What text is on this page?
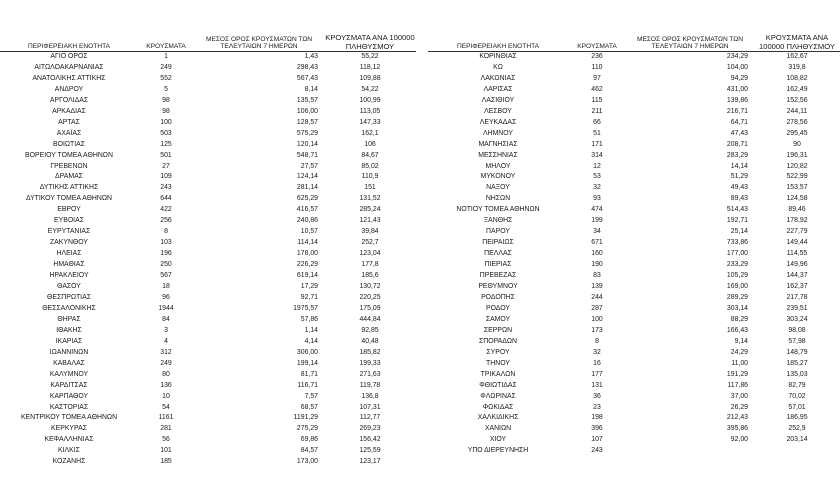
ΠΕΡΙΦΕΡΕΙΑΚΗ ΕΝΟΤΗΤΑ	ΚΡΟΥΣΜΑΤΑ	ΜΕΣΟΣ ΟΡΟΣ ΚΡΟΥΣΜΑΤΩΝ ΤΩΝ ΤΕΛΕΥΤΑΙΩΝ 7 ΗΜΕΡΩΝ	ΚΡΟΥΣΜΑΤΑ ΑΝΑ 100000 ΠΛΗΘΥΣΜΟΥ
ΑΓΙΟ ΟΡΟΣ	1	1,43	55,22
ΑΙΤΩΛΟΑΚΑΡΝΑΝΙΑΣ	249	298,43	118,12
ΑΝΑΤΟΛΙΚΗΣ ΑΤΤΙΚΗΣ	552	567,43	109,88
ΑΝΔΡΟΥ	5	8,14	54,22
ΑΡΓΟΛΙΔΑΣ	98	135,57	100,99
ΑΡΚΑΔΙΑΣ	98	106,00	113,05
ΑΡΤΑΣ	100	128,57	147,33
ΑΧΑΪΑΣ	503	575,29	162,1
ΒΟΙΩΤΙΑΣ	125	120,14	106
ΒΟΡΕΙΟΥ ΤΟΜΕΑ ΑΘΗΝΩΝ	501	548,71	84,67
ΓΡΕΒΕΝΩΝ	27	27,57	85,02
ΔΡΑΜΑΣ	109	124,14	110,9
ΔΥΤΙΚΗΣ ΑΤΤΙΚΗΣ	243	281,14	151
ΔΥΤΙΚΟΥ ΤΟΜΕΑ ΑΘΗΝΩΝ	644	625,29	131,52
ΕΒΡΟΥ	422	416,57	285,24
ΕΥΒΟΙΑΣ	256	240,86	121,43
ΕΥΡΥΤΑΝΙΑΣ	8	10,57	39,84
ΖΑΚΥΝΘΟΥ	103	114,14	252,7
ΗΛΕΙΑΣ	196	178,00	123,04
ΗΜΑΘΙΑΣ	250	226,29	177,8
ΗΡΑΚΛΕΙΟΥ	567	619,14	185,6
ΘΑΣΟΥ	18	17,29	130,72
ΘΕΣΠΡΩΤΙΑΣ	96	92,71	220,25
ΘΕΣΣΑΛΟΝΙΚΗΣ	1944	1975,57	175,09
ΘΗΡΑΣ	84	57,86	444,84
ΙΘΑΚΗΣ	3	1,14	92,85
ΙΚΑΡΙΑΣ	4	4,14	40,48
ΙΩΑΝΝΙΝΩΝ	312	306,00	185,82
ΚΑΒΑΛΑΣ	249	199,14	199,33
ΚΑΛΥΜΝΟΥ	80	81,71	271,63
ΚΑΡΔΙΤΣΑΣ	136	116,71	119,78
ΚΑΡΠΑΘΟΥ	10	7,57	136,8
ΚΑΣΤΟΡΙΑΣ	54	68,57	107,31
ΚΕΝΤΡΙΚΟΥ ΤΟΜΕΑ ΑΘΗΝΩΝ	1161	1191,29	112,77
ΚΕΡΚΥΡΑΣ	281	275,29	269,23
ΚΕΦΑΛΛΗΝΙΑΣ	56	69,86	156,42
ΚΙΛΚΙΣ	101	84,57	125,59
ΚΟΖΑΝΗΣ	185	173,00	123,17
ΠΕΡΙΦΕΡΕΙΑΚΗ ΕΝΟΤΗΤΑ	ΚΡΟΥΣΜΑΤΑ	ΜΕΣΟΣ ΟΡΟΣ ΚΡΟΥΣΜΑΤΩΝ ΤΩΝ ΤΕΛΕΥΤΑΙΩΝ 7 ΗΜΕΡΩΝ	ΚΡΟΥΣΜΑΤΑ ΑΝΑ 100000 ΠΛΗΘΥΣΜΟΥ
ΚΟΡΙΝΘΙΑΣ	236	234,29	162,67
ΚΩ	110	104,00	319,8
ΛΑΚΩΝΙΑΣ	97	94,29	108,82
ΛΑΡΙΣΑΣ	462	431,00	162,49
ΛΑΣΙΘΙΟΥ	115	139,86	152,56
ΛΕΣΒΟΥ	211	216,71	244,11
ΛΕΥΚΑΔΑΣ	66	64,71	278,56
ΛΗΜΝΟΥ	51	47,43	295,45
ΜΑΓΝΗΣΙΑΣ	171	208,71	90
ΜΕΣΣΗΝΙΑΣ	314	283,29	196,31
ΜΗΛΟΥ	12	14,14	120,82
ΜΥΚΟΝΟΥ	53	51,29	522,99
ΝΑΞΟΥ	32	49,43	153,57
ΝΗΣΩΝ	93	89,43	124,58
ΝΟΤΙΟΥ ΤΟΜΕΑ ΑΘΗΝΩΝ	474	514,43	89,46
ΞΑΝΘΗΣ	199	192,71	178,92
ΠΑΡΟΥ	34	25,14	227,79
ΠΕΙΡΑΙΩΣ	671	733,86	149,44
ΠΕΛΛΑΣ	160	177,00	114,55
ΠΙΕΡΙΑΣ	190	233,29	149,96
ΠΡΕΒΕΖΑΣ	83	105,29	144,37
ΡΕΘΥΜΝΟΥ	139	169,00	162,37
ΡΟΔΟΠΗΣ	244	289,29	217,78
ΡΟΔΟΥ	287	303,14	239,51
ΣΑΜΟΥ	100	88,29	303,24
ΣΕΡΡΩΝ	173	166,43	98,08
ΣΠΟΡΑΔΩΝ	8	9,14	57,98
ΣΥΡΟΥ	32	24,29	148,79
ΤΗΝΟΥ	16	11,00	185,27
ΤΡΙΚΑΛΩΝ	177	191,29	135,03
ΦΘΙΩΤΙΔΑΣ	131	117,86	82,79
ΦΛΩΡΙΝΑΣ	36	37,00	70,02
ΦΩΚΙΔΑΣ	23	26,29	57,01
ΧΑΛΚΙΔΙΚΗΣ	198	212,43	186,95
ΧΑΝΙΩΝ	396	395,86	252,9
ΧΙΟΥ	107	92,00	203,14
ΥΠΟ ΔΙΕΡΕΥΝΗΣΗ	243		
